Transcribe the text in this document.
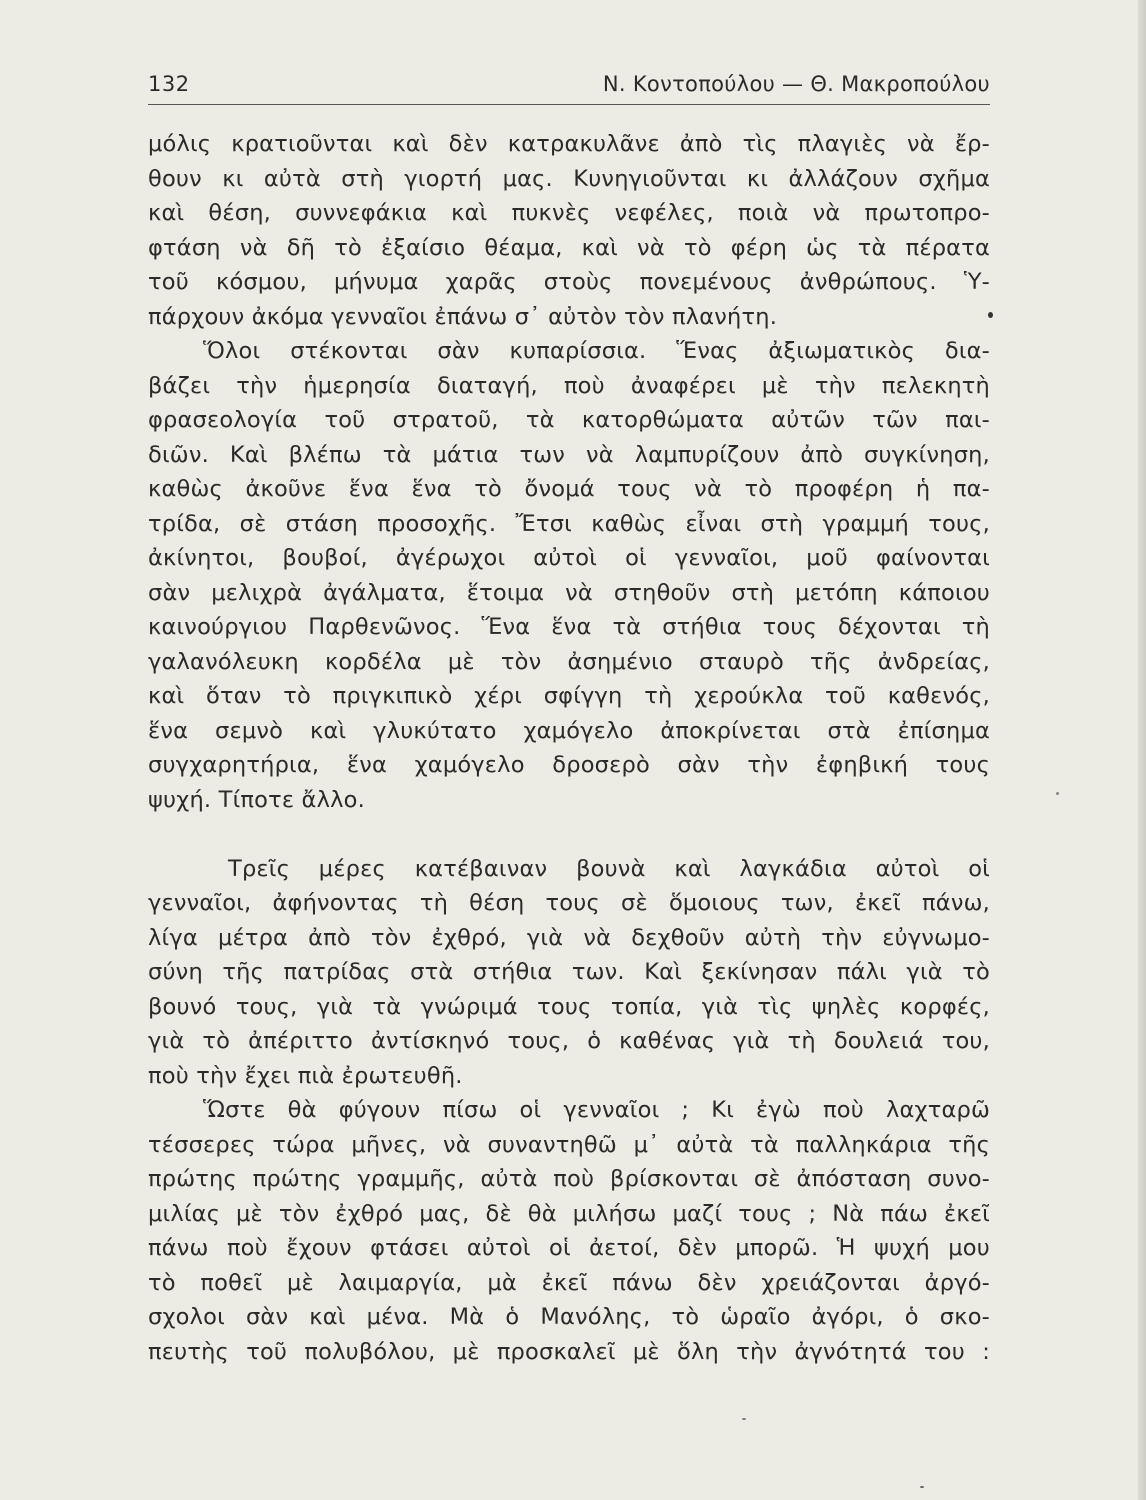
132	Ν. Κοντοπούλου — Θ. Μακροπούλου
μόλις κρατιοῦνται καὶ δὲν κατρακυλᾶνε ἀπὸ τὶς πλαγιὲς νὰ ἔρ-
θουν κι αὐτὰ στὴ γιορτή μας. Κυνηγιοῦνται κι ἀλλάζουν σχῆμα
καὶ θέση, συννεφάκια καὶ πυκνὲς νεφέλες, ποιὰ νὰ πρωτοπρο-
φτάση νὰ δῆ τὸ ἐξαίσιο θέαμα, καὶ νὰ τὸ φέρη ὡς τὰ πέρατα
τοῦ κόσμου, μήνυμα χαρᾶς στοὺς πονεμένους ἀνθρώπους. Ὑ-
πάρχουν ἀκόμα γενναῖοι ἐπάνω σ᾽ αὐτὸν τὸν πλανήτη.
Ὅλοι στέκονται σὰν κυπαρίσσια. Ἕνας ἀξιωματικὸς δια-
βάζει τὴν ἡμερησία διαταγή, ποὺ ἀναφέρει μὲ τὴν πελεκητὴ
φρασεολογία τοῦ στρατοῦ, τὰ κατορθώματα αὐτῶν τῶν παι-
διῶν. Καὶ βλέπω τὰ μάτια των νὰ λαμπυρίζουν ἀπὸ συγκίνηση,
καθὼς ἀκοῦνε ἕνα ἕνα τὸ ὄνομά τους νὰ τὸ προφέρη ἡ πα-
τρίδα, σὲ στάση προσοχῆς. Ἔτσι καθὼς εἶναι στὴ γραμμή τους,
ἀκίνητοι, βουβοί, ἀγέρωχοι αὐτοὶ οἱ γενναῖοι, μοῦ φαίνονται
σὰν μελιχρὰ ἀγάλματα, ἕτοιμα νὰ στηθοῦν στὴ μετόπη κάποιου
καινούργιου Παρθενῶνος. Ἕνα ἕνα τὰ στήθια τους δέχονται τὴ
γαλανόλευκη κορδέλα μὲ τὸν ἀσημένιο σταυρὸ τῆς ἀνδρείας,
καὶ ὅταν τὸ πριγκιπικὸ χέρι σφίγγη τὴ χερούκλα τοῦ καθενός,
ἕνα σεμνὸ καὶ γλυκύτατο χαμόγελο ἀποκρίνεται στὰ ἐπίσημα
συγχαρητήρια, ἕνα χαμόγελο δροσερὸ σὰν τὴν ἐφηβική τους
ψυχή. Τίποτε ἄλλο.
Τρεῖς μέρες κατέβαιναν βουνὰ καὶ λαγκάδια αὐτοὶ οἱ
γενναῖοι, ἀφήνοντας τὴ θέση τους σὲ ὅμοιους των, ἐκεῖ πάνω,
λίγα μέτρα ἀπὸ τὸν ἐχθρό, γιὰ νὰ δεχθοῦν αὐτὴ τὴν εὐγνωμο-
σύνη τῆς πατρίδας στὰ στήθια των. Καὶ ξεκίνησαν πάλι γιὰ τὸ
βουνό τους, γιὰ τὰ γνώριμά τους τοπία, γιὰ τὶς ψηλὲς κορφές,
γιὰ τὸ ἀπέριττο ἀντίσκηνό τους, ὁ καθένας γιὰ τὴ δουλειά του,
ποὺ τὴν ἔχει πιὰ ἐρωτευθῆ.
Ὥστε θὰ φύγουν πίσω οἱ γενναῖοι ; Κι ἐγὼ ποὺ λαχταρῶ
τέσσερες τώρα μῆνες, νὰ συναντηθῶ μ᾽ αὐτὰ τὰ παλληκάρια τῆς
πρώτης πρώτης γραμμῆς, αὐτὰ ποὺ βρίσκονται σὲ ἀπόσταση συνο-
μιλίας μὲ τὸν ἐχθρό μας, δὲ θὰ μιλήσω μαζί τους ; Νὰ πάω ἐκεῖ
πάνω ποὺ ἔχουν φτάσει αὐτοὶ οἱ ἀετοί, δὲν μπορῶ. Ἡ ψυχή μου
τὸ ποθεῖ μὲ λαιμαργία, μὰ ἐκεῖ πάνω δὲν χρειάζονται ἀργό-
σχολοι σὰν καὶ μένα. Μὰ ὁ Μανόλης, τὸ ὡραῖο ἀγόρι, ὁ σκο-
πευτὴς τοῦ πολυβόλου, μὲ προσκαλεῖ μὲ ὅλη τὴν ἀγνότητά του :
